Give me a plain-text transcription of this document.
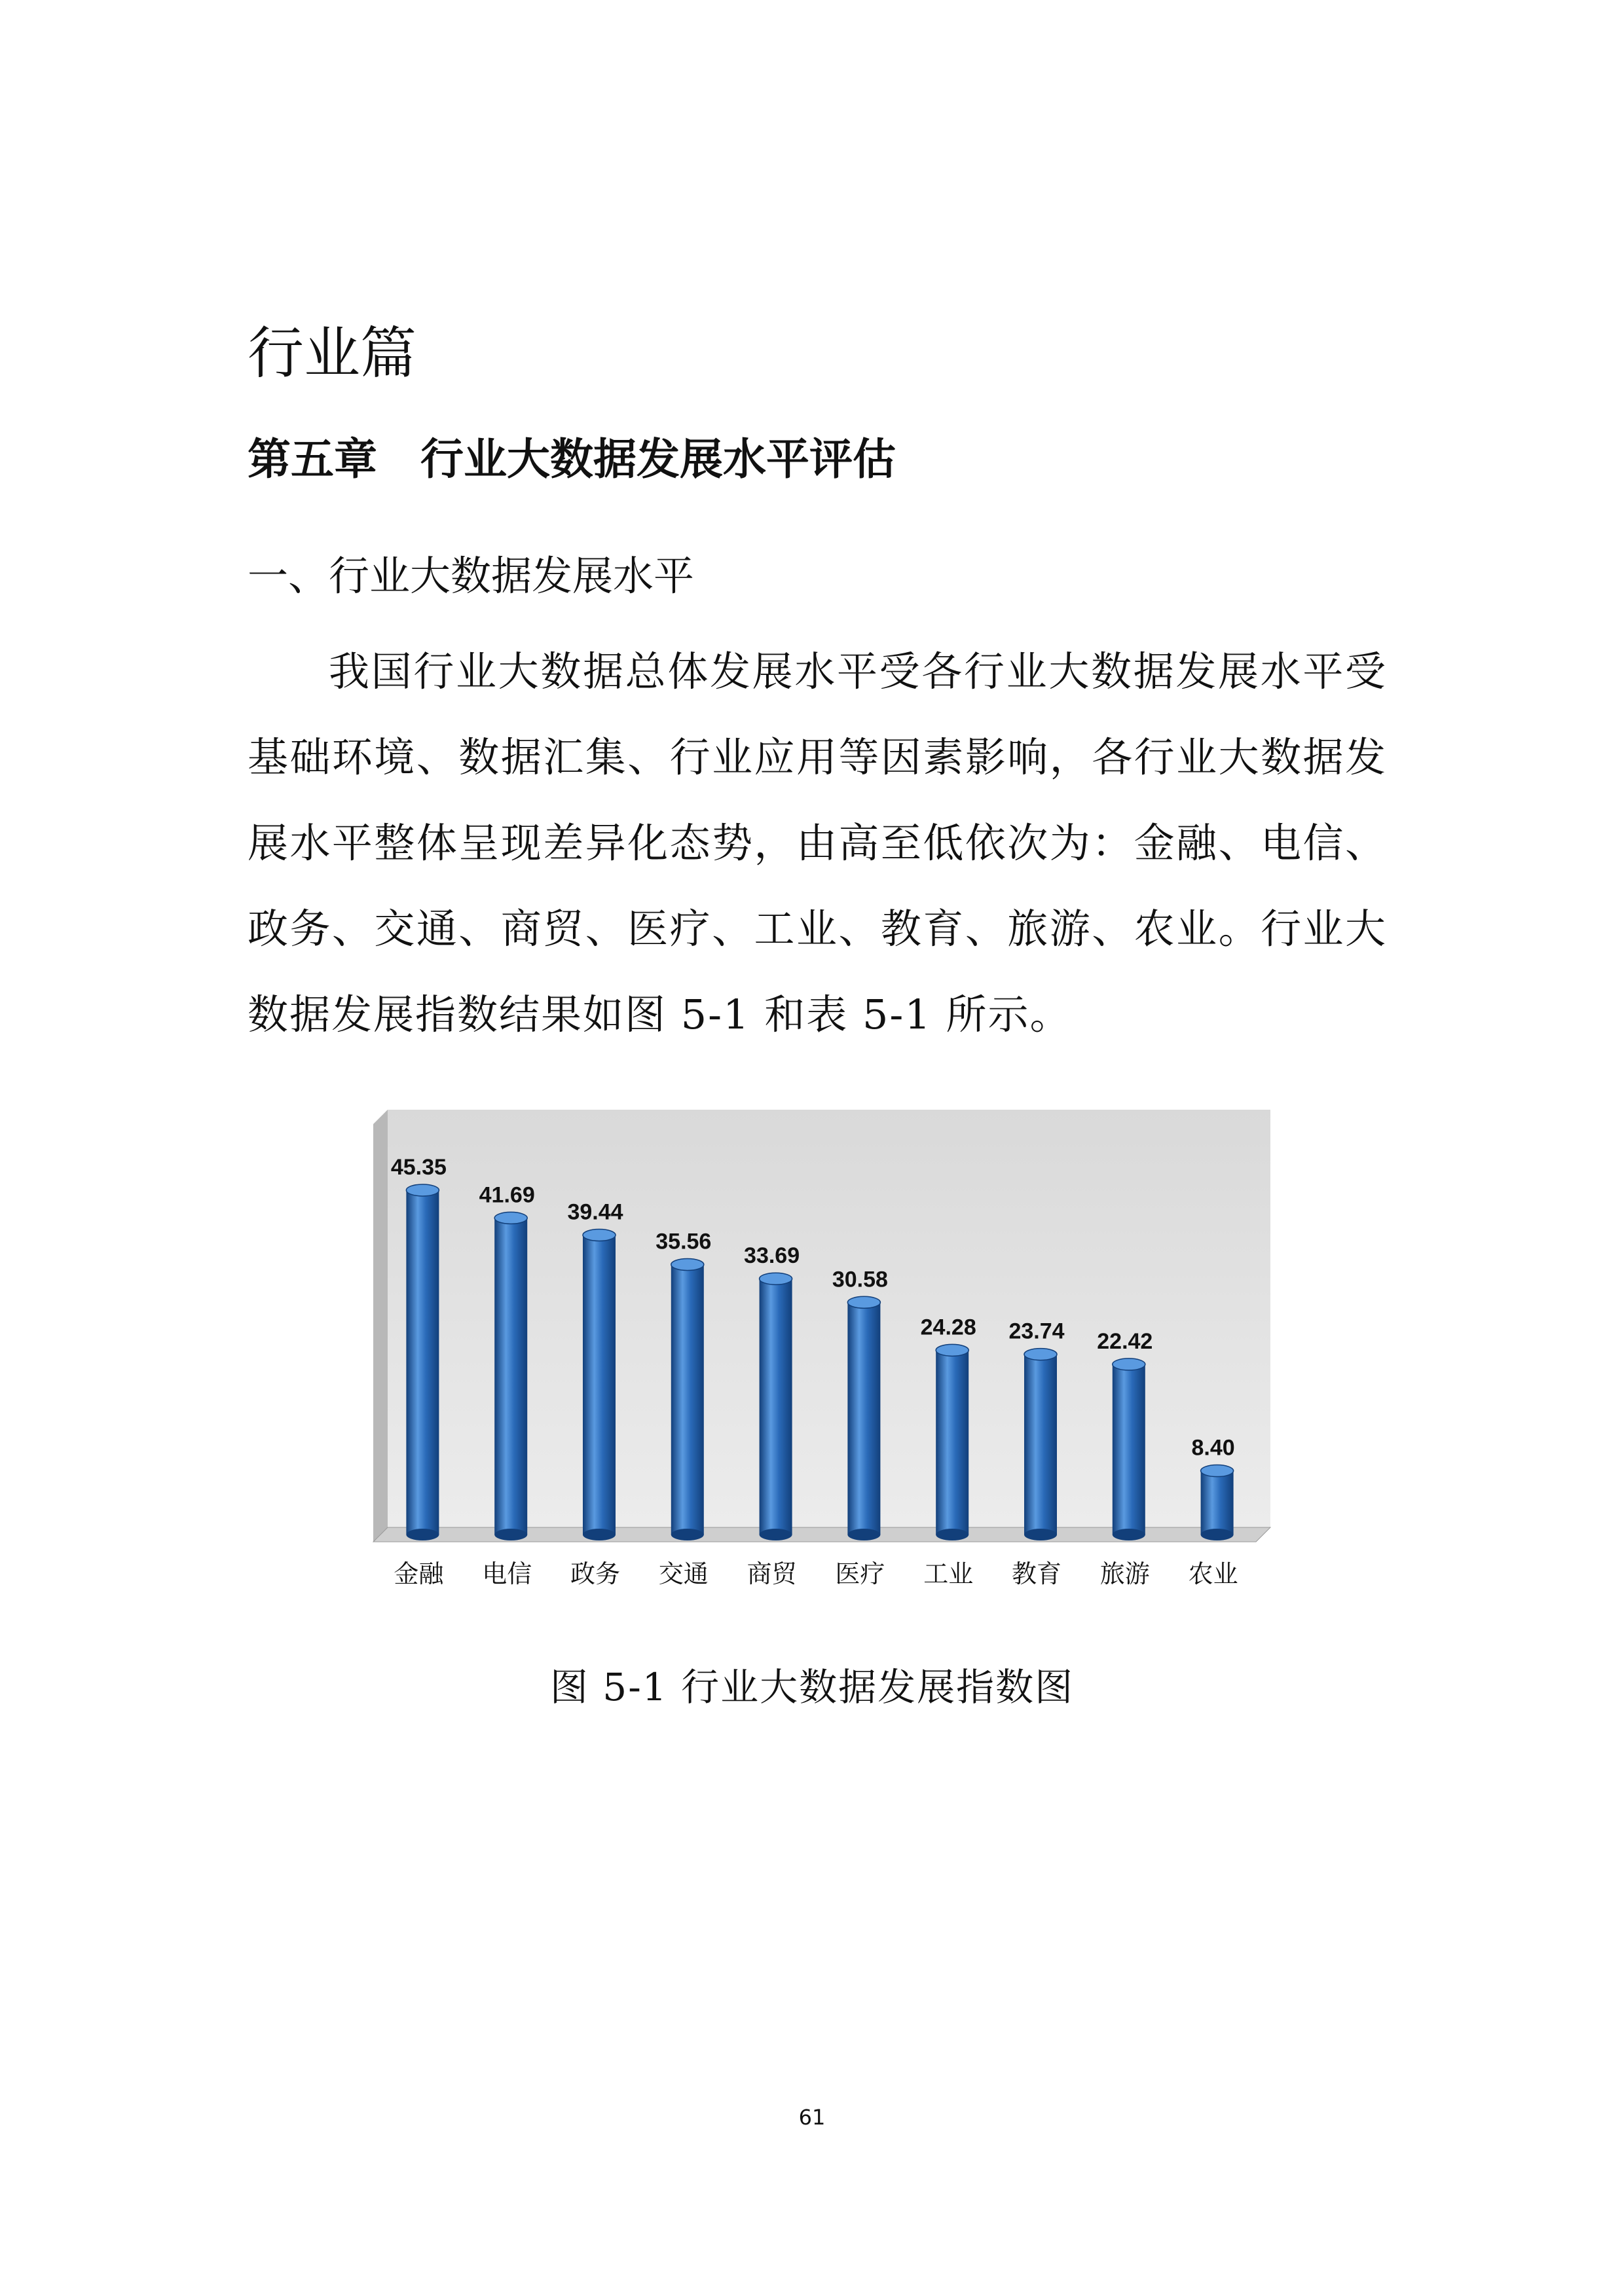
行业篇
第五章　行业大数据发展水平评估
一、行业大数据发展水平

我国行业大数据总体发展水平受各行业大数据发展水平受基础环境、数据汇集、行业应用等因素影响，各行业大数据发展水平整体呈现差异化态势，由高至低依次为：金融、电信、政务、交通、商贸、医疗、工业、教育、旅游、农业。行业大数据发展指数结果如图 5-1 和表 5-1 所示。

45.35
金融
41.69
电信
39.44
政务
35.56
交通
33.69
商贸
30.58
医疗
24.28
工业
23.74
教育
22.42
旅游
8.40
农业

图 5-1 行业大数据发展指数图

61
